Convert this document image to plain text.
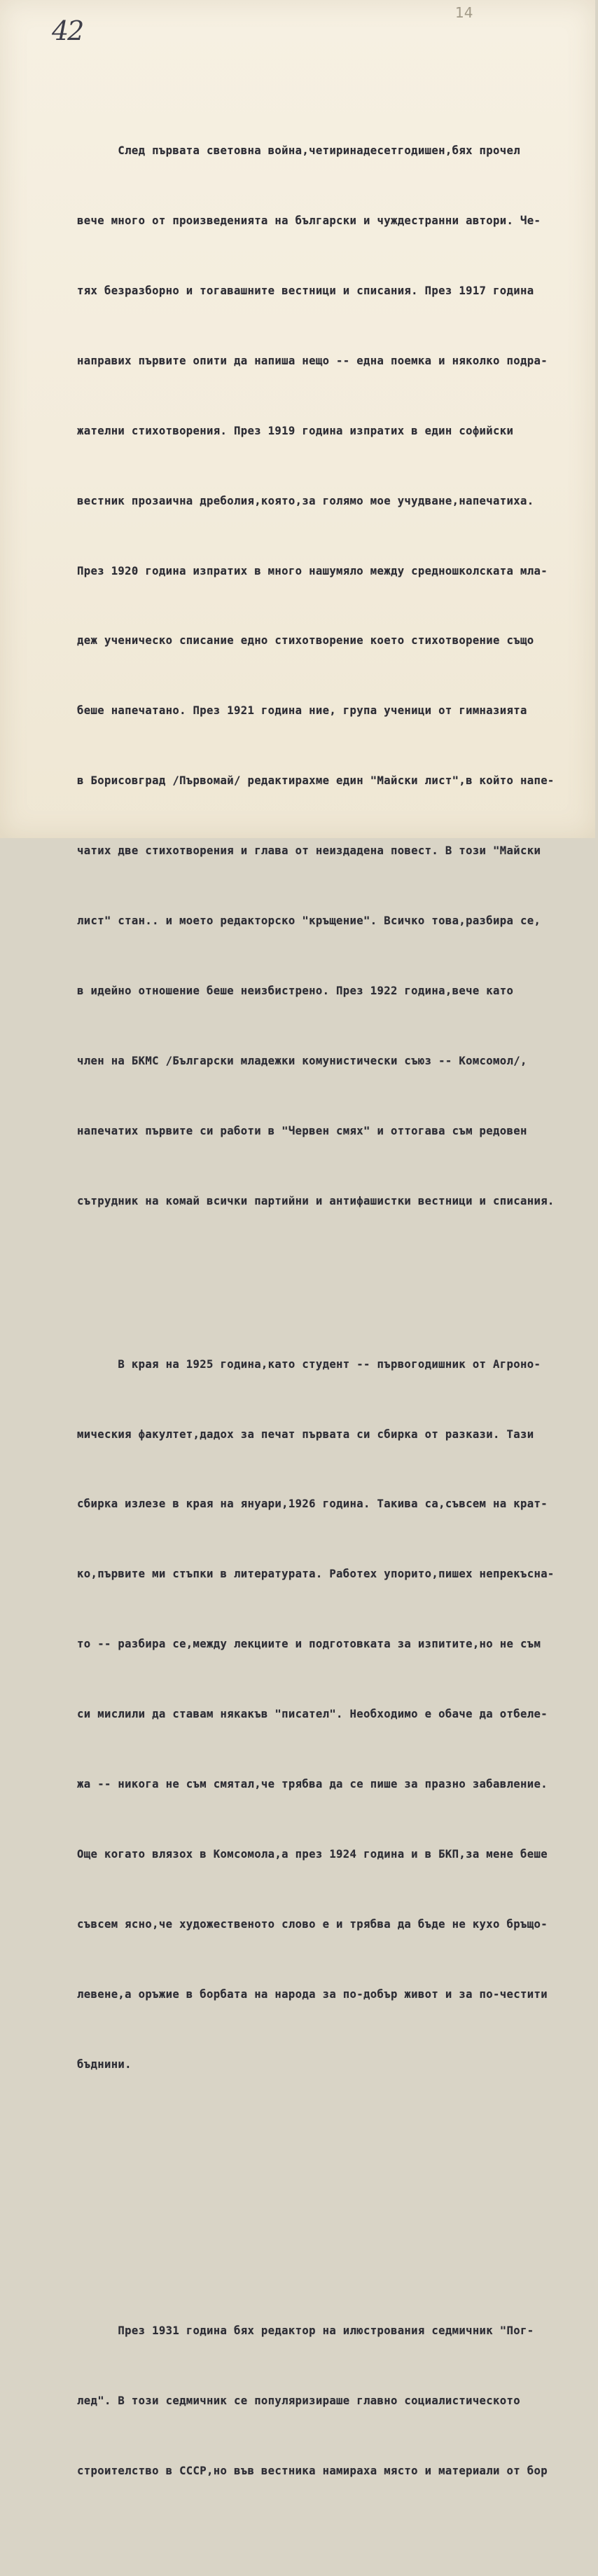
42
14

След първата световна война,четиринадесетгодишен,бях прочел

вече много от произведенията на български и чуждестранни автори. Че-

тях безразборно и тогавашните вестници и списания. През 1917 година

направих първите опити да напиша нещо -- една поемка и няколко подра-

жателни стихотворения. През 1919 година изпратих в един софийски

вестник прозаична дреболия,която,за голямо мое учудване,напечатиха.

През 1920 година изпратих в много нашумяло между средношколската мла-

деж ученическо списание едно стихотворение което стихотворение също

беше напечатано. През 1921 година ние, група ученици от гимназията

в Борисовград /Първомай/ редактирахме един "Майски лист",в който напе-

чатих две стихотворения и глава от неиздадена повест. В този "Майски

лист" стан.. и моето редакторско "кръщение". Всичко това,разбира се,

в идейно отношение беше неизбистрено. През 1922 година,вече като

член на БКМС /Български младежки комунистически съюз -- Комсомол/,

напечатих първите си работи в "Червен смях" и оттогава съм редовен

сътрудник на комай всички партийни и антифашистки вестници и списания.

В края на 1925 година,като студент -- първогодишник от Агроно-

мическия факултет,дадох за печат първата си сбирка от разкази. Тази

сбирка излезе в края на януари,1926 година. Такива са,съвсем на крат-

ко,първите ми стъпки в литературата. Работех упорито,пишех непрекъсна-

то -- разбира се,между лекциите и подготовката за изпитите,но не съм

си мислили да ставам някакъв "писател". Необходимо е обаче да отбеле-

жа -- никога не съм смятал,че трябва да се пише за празно забавление.

Още когато влязох в Комсомола,а през 1924 година и в БКП,за мене беше

съвсем ясно,че художественото слово е и трябва да бъде не кухо бръщо-

левене,а оръжие в борбата на народа за по-добър живот и за по-честити

бъднини.

През 1931 година бях редактор на илюстрования седмичник "Пог-

лед". В този седмичник се популяризираше главно социалистическото

строителство в СССР,но във вестника намираха място и материали от бор
